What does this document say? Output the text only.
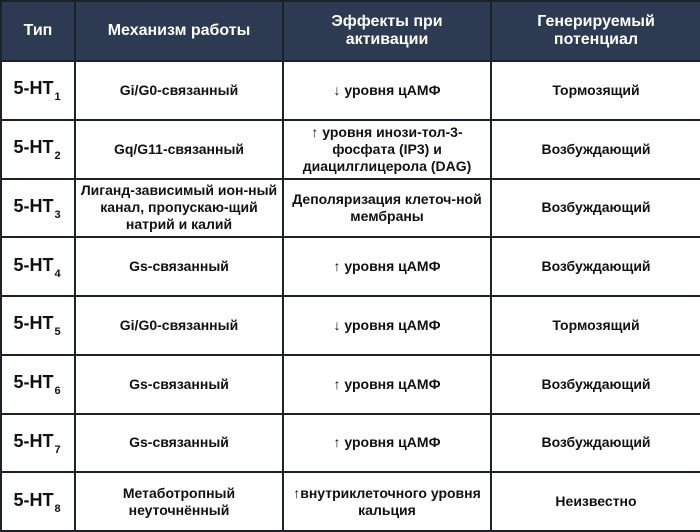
Тип	Механизм работы	Эффекты при активации	Генерируемый потенциал
$5-HT_1$	Gi/G0-связанный	↓ уровня цАМФ	Тормозящий
$5-HT_2$	Gq/G11-связанный	↑ уровня инози-тол-3-фосфата (IP3) и диацилглицерола (DAG)	Возбуждающий
$5-HT_3$	Лиганд-зависимый ион-ный канал, пропускаю-щий натрий и калий	Деполяризация клеточ-ной мембраны	Возбуждающий
$5-HT_4$	Gs-связанный	↑ уровня цАМФ	Возбуждающий
$5-HT_5$	Gi/G0-связанный	↓ уровня цАМФ	Тормозящий
$5-HT_6$	Gs-связанный	↑ уровня цАМФ	Возбуждающий
$5-HT_7$	Gs-связанный	↑ уровня цАМФ	Возбуждающий
$5-HT_8$	Метаботропный неуточнённый	↑внутриклеточного уровня кальция	Неизвестно
